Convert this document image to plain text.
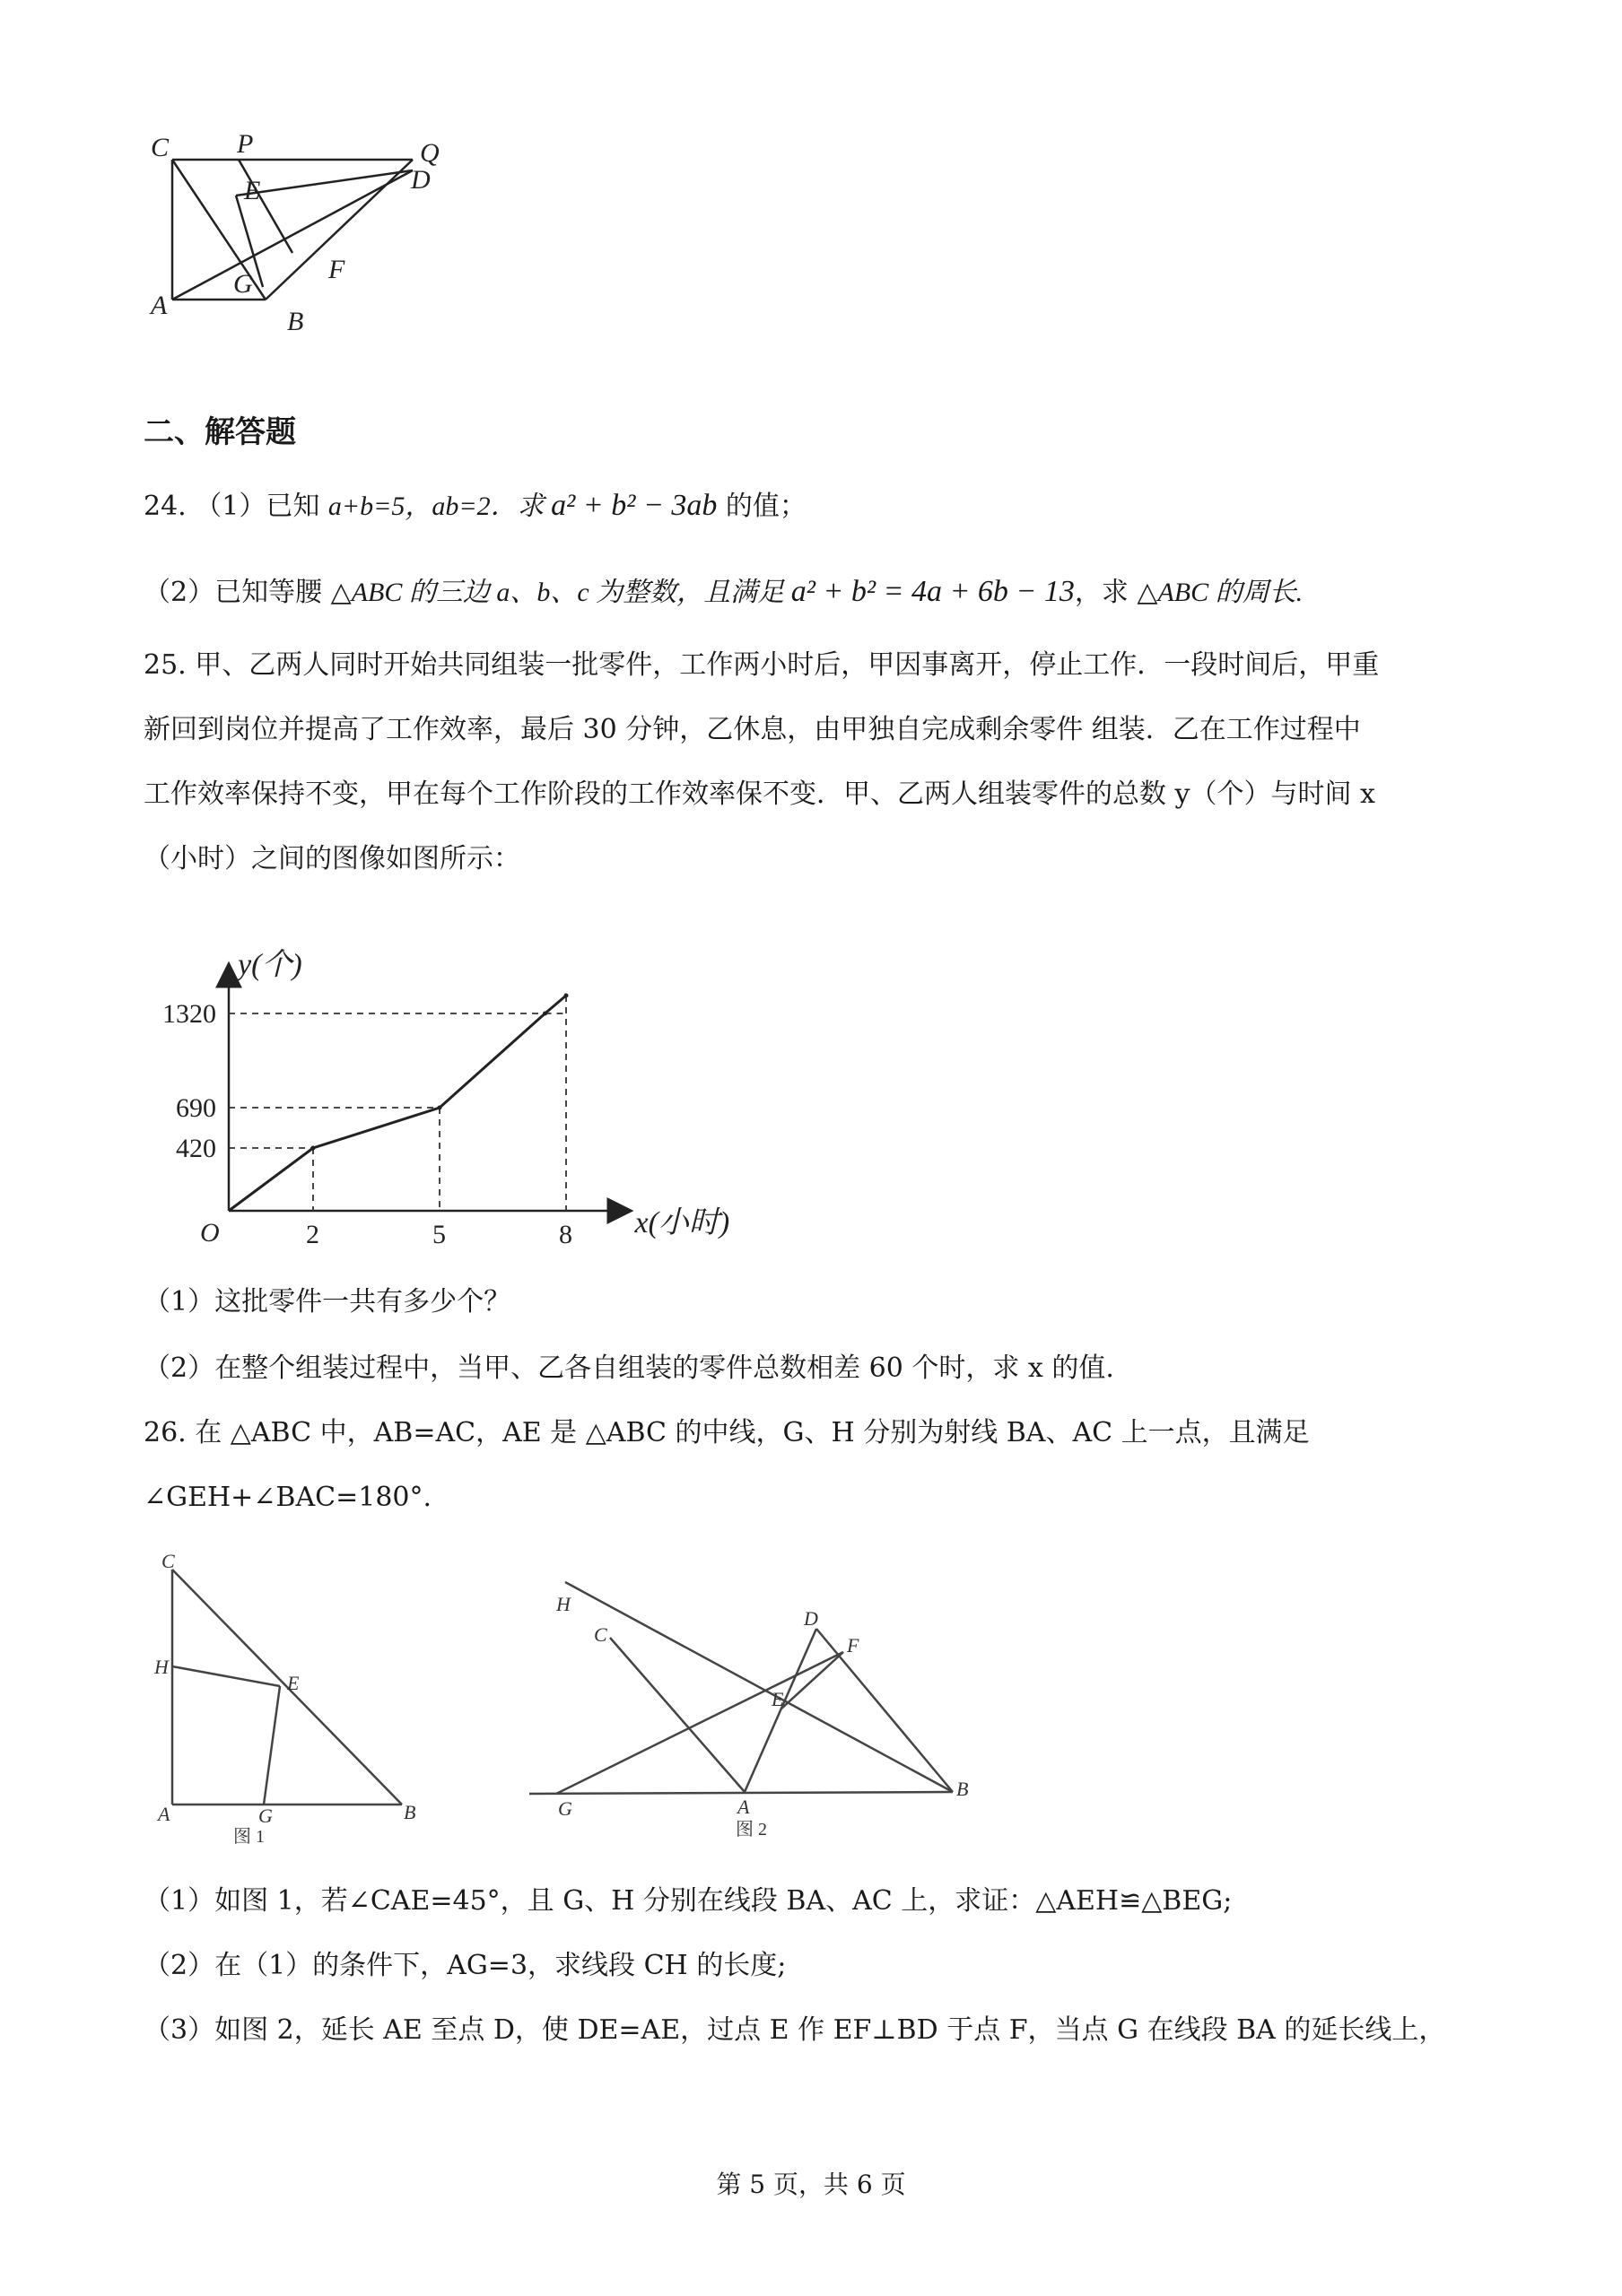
C	P	Q
E	D
G	F
A
B
二、解答题
24. （1）已知 a+b=5，ab=2．求 a² + b² − 3ab 的值；
（2）已知等腰 △ABC 的三边 a、b、c 为整数，且满足 a² + b² = 4a + 6b − 13，求 △ABC 的周长.
25. 甲、乙两人同时开始共同组装一批零件，工作两小时后，甲因事离开，停止工作．一段时间后，甲重
新回到岗位并提高了工作效率，最后 30 分钟，乙休息，由甲独自完成剩余零件 组装．乙在工作过程中
工作效率保持不变，甲在每个工作阶段的工作效率保不变．甲、乙两人组装零件的总数 y（个）与时间 x
（小时）之间的图像如图所示：
y(个)
x(小时)
O	2	5	8
420
690
1320
（1）这批零件一共有多少个？
（2）在整个组装过程中，当甲、乙各自组装的零件总数相差 60 个时，求 x 的值.
26. 在 △ABC 中，AB=AC，AE 是 △ABC 的中线，G、H 分别为射线 BA、AC 上一点，且满足
∠GEH+∠BAC=180°.
C
H
E
A	G	B
图 1
H
C
D
F
E
G	A
B
图 2
（1）如图 1，若∠CAE=45°，且 G、H 分别在线段 BA、AC 上，求证：△AEH≌△BEG;
（2）在（1）的条件下，AG=3，求线段 CH 的长度;
（3）如图 2，延长 AE 至点 D，使 DE=AE，过点 E 作 EF⊥BD 于点 F，当点 G 在线段 BA 的延长线上，
第 5 页，共 6 页
